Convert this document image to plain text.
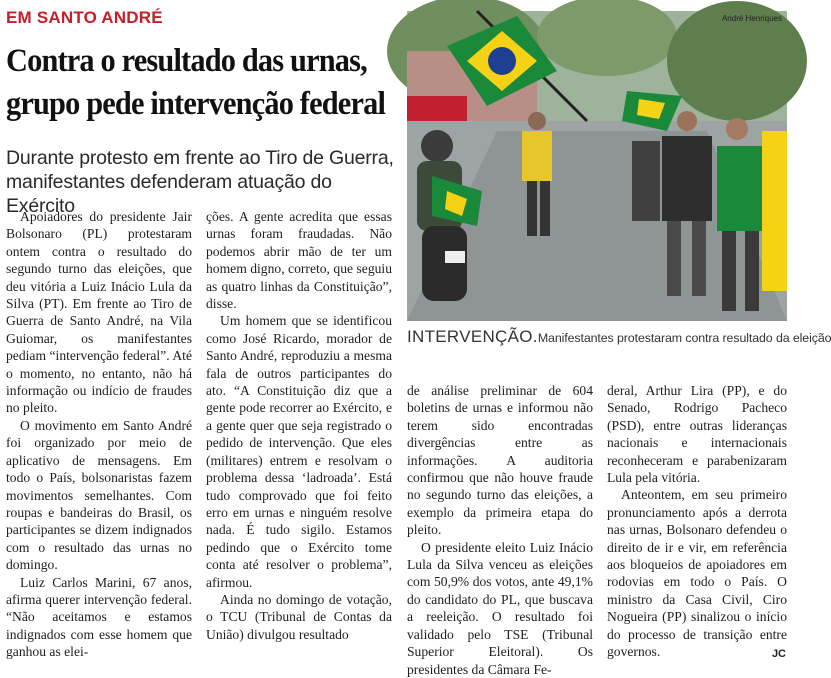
EM SANTO ANDRÉ
Contra o resultado das urnas,
grupo pede intervenção federal
Durante protesto em frente ao Tiro de Guerra,
manifestantes defenderam atuação do Exército

Apoiadores do presidente Jair Bolsonaro (PL) protestaram ontem contra o resultado do segundo turno das eleições, que deu vitória a Luiz Inácio Lula da Silva (PT). Em frente ao Tiro de Guerra de Santo André, na Vila Guiomar, os manifestantes pediam “intervenção federal”. Até o momento, no entanto, não há informação ou indício de fraudes no pleito.

O movimento em Santo André foi organizado por meio de aplicativo de mensagens. Em todo o País, bolsonaristas fazem movimentos semelhantes. Com roupas e bandeiras do Brasil, os participantes se dizem indignados com o resultado das urnas no domingo.

Luiz Carlos Marini, 67 anos, afirma querer intervenção federal. “Não aceitamos e estamos indignados com esse homem que ganhou as elei-

ções. A gente acredita que essas urnas foram fraudadas. Não podemos abrir mão de ter um homem digno, correto, que seguiu as quatro linhas da Constituição”, disse.

Um homem que se identificou como José Ricardo, morador de Santo André, reproduziu a mesma fala de outros participantes do ato. “A Constituição diz que a gente pode recorrer ao Exército, e a gente quer que seja registrado o pedido de intervenção. Que eles (militares) entrem e resolvam o problema dessa ‘ladroada’. Está tudo comprovado que foi feito erro em urnas e ninguém resolve nada. É tudo sigilo. Estamos pedindo que o Exército tome conta até resolver o problema”, afirmou.

Ainda no domingo de votação, o TCU (Tribunal de Contas da União) divulgou resultado

de análise preliminar de 604 boletins de urnas e informou não terem sido encontradas divergências entre as informações. A auditoria confirmou que não houve fraude no segundo turno das eleições, a exemplo da primeira etapa do pleito.

O presidente eleito Luiz Inácio Lula da Silva venceu as eleições com 50,9% dos votos, ante 49,1% do candidato do PL, que buscava a reeleição. O resultado foi validado pelo TSE (Tribunal Superior Eleitoral). Os presidentes da Câmara Fe-

deral, Arthur Lira (PP), e do Senado, Rodrigo Pacheco (PSD), entre outras lideranças nacionais e internacionais reconheceram e parabenizaram Lula pela vitória.

Anteontem, em seu primeiro pronunciamento após a derrota nas urnas, Bolsonaro defendeu o direito de ir e vir, em referência aos bloqueios de apoiadores em rodovias em todo o País. O ministro da Casa Civil, Ciro Nogueira (PP) sinalizou o início do processo de transição entre governos.

André Henriques
INTERVENÇÃO.Manifestantes protestaram contra resultado da eleição
JC
